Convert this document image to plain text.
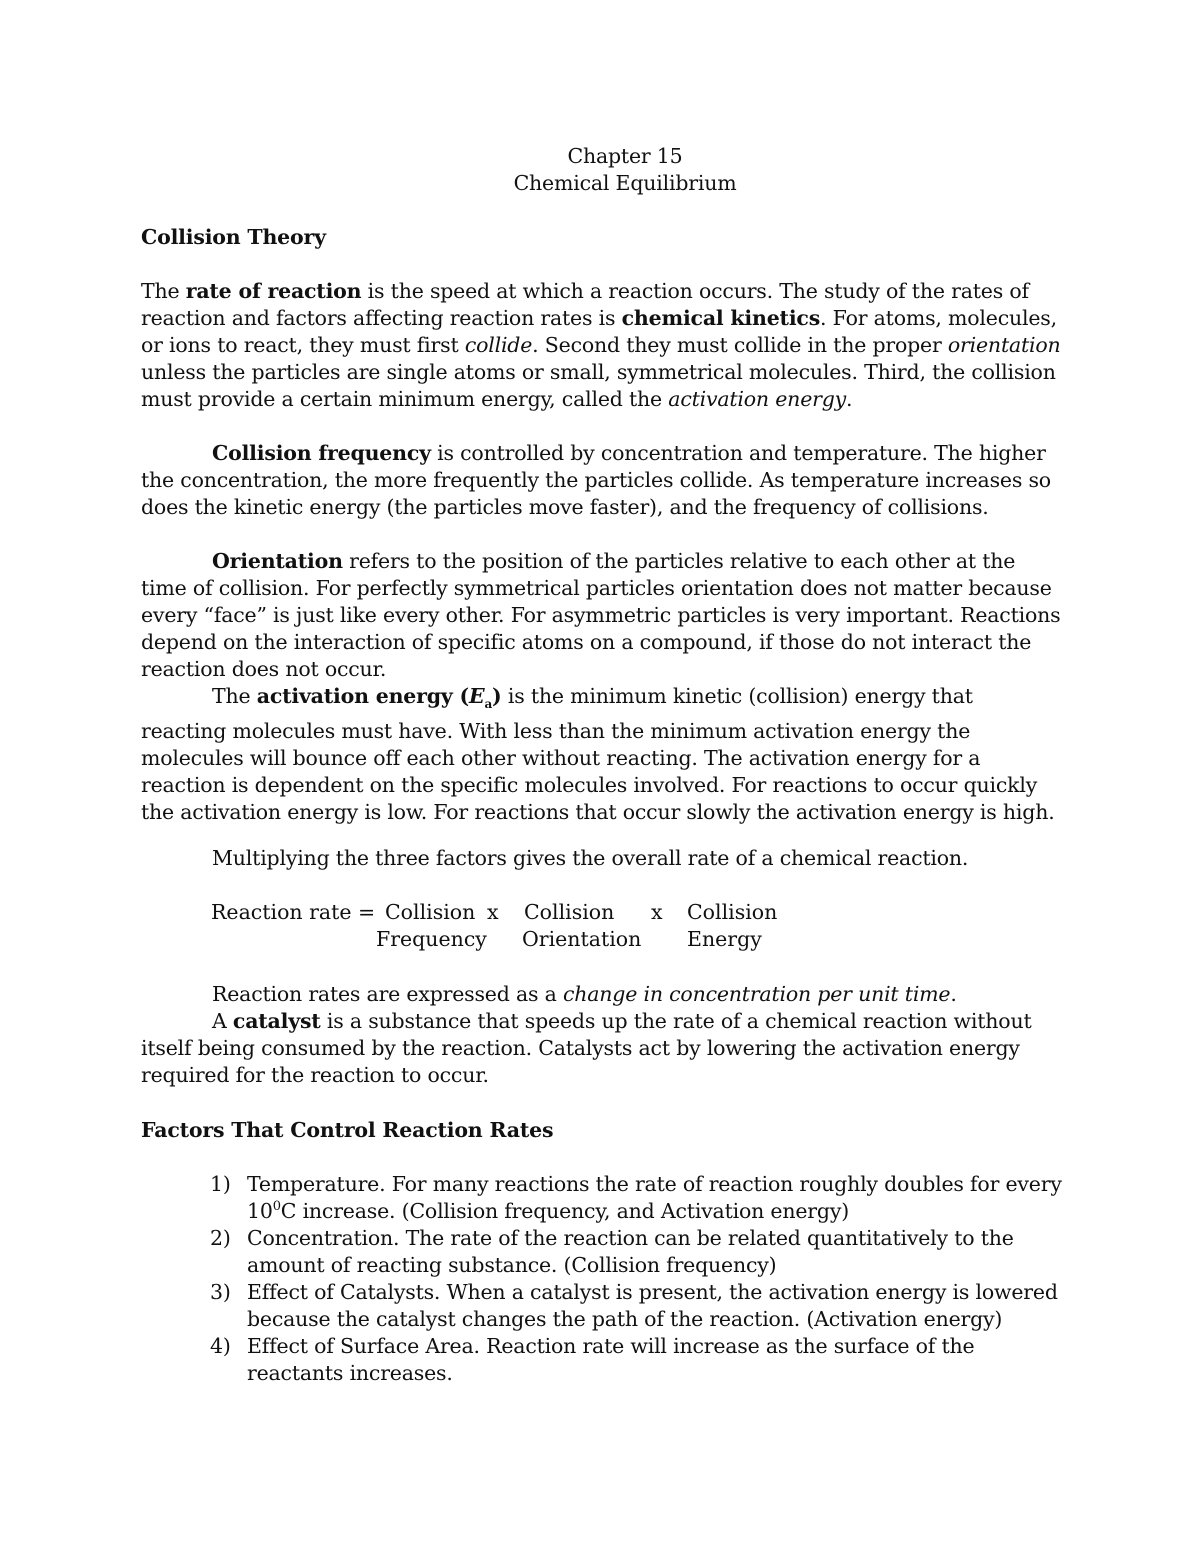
Chapter 15

Chemical Equilibrium

Collision Theory

The rate of reaction is the speed at which a reaction occurs. The study of the rates of reaction and factors affecting reaction rates is chemical kinetics. For atoms, molecules, or ions to react, they must first collide. Second they must collide in the proper orientation unless the particles are single atoms or small, symmetrical molecules. Third, the collision must provide a certain minimum energy, called the activation energy.

Collision frequency is controlled by concentration and temperature. The higher the concentration, the more frequently the particles collide. As temperature increases so does the kinetic energy (the particles move faster), and the frequency of collisions.

Orientation refers to the position of the particles relative to each other at the time of collision. For perfectly symmetrical particles orientation does not matter because every “face” is just like every other. For asymmetric particles is very important. Reactions depend on the interaction of specific atoms on a compound, if those do not interact the reaction does not occur.

The activation energy $(E_a)$ is the minimum kinetic (collision) energy that reacting molecules must have. With less than the minimum activation energy the molecules will bounce off each other without reacting. The activation energy for a reaction is dependent on the specific molecules involved. For reactions to occur quickly the activation energy is low. For reactions that occur slowly the activation energy is high.

Multiplying the three factors gives the overall rate of a chemical reaction.

Reaction rate = Collision
Frequency
x Collision
Orientation
x Collision
Energy

Reaction rates are expressed as a change in concentration per unit time.

A catalyst is a substance that speeds up the rate of a chemical reaction without itself being consumed by the reaction. Catalysts act by lowering the activation energy required for the reaction to occur.

Factors That Control Reaction Rates

1) Temperature. For many reactions the rate of reaction roughly doubles for every $10^0C$ increase. (Collision frequency, and Activation energy)
2) Concentration. The rate of the reaction can be related quantitatively to the amount of reacting substance. (Collision frequency)
3) Effect of Catalysts. When a catalyst is present, the activation energy is lowered because the catalyst changes the path of the reaction. (Activation energy)
4) Effect of Surface Area. Reaction rate will increase as the surface of the reactants increases.
